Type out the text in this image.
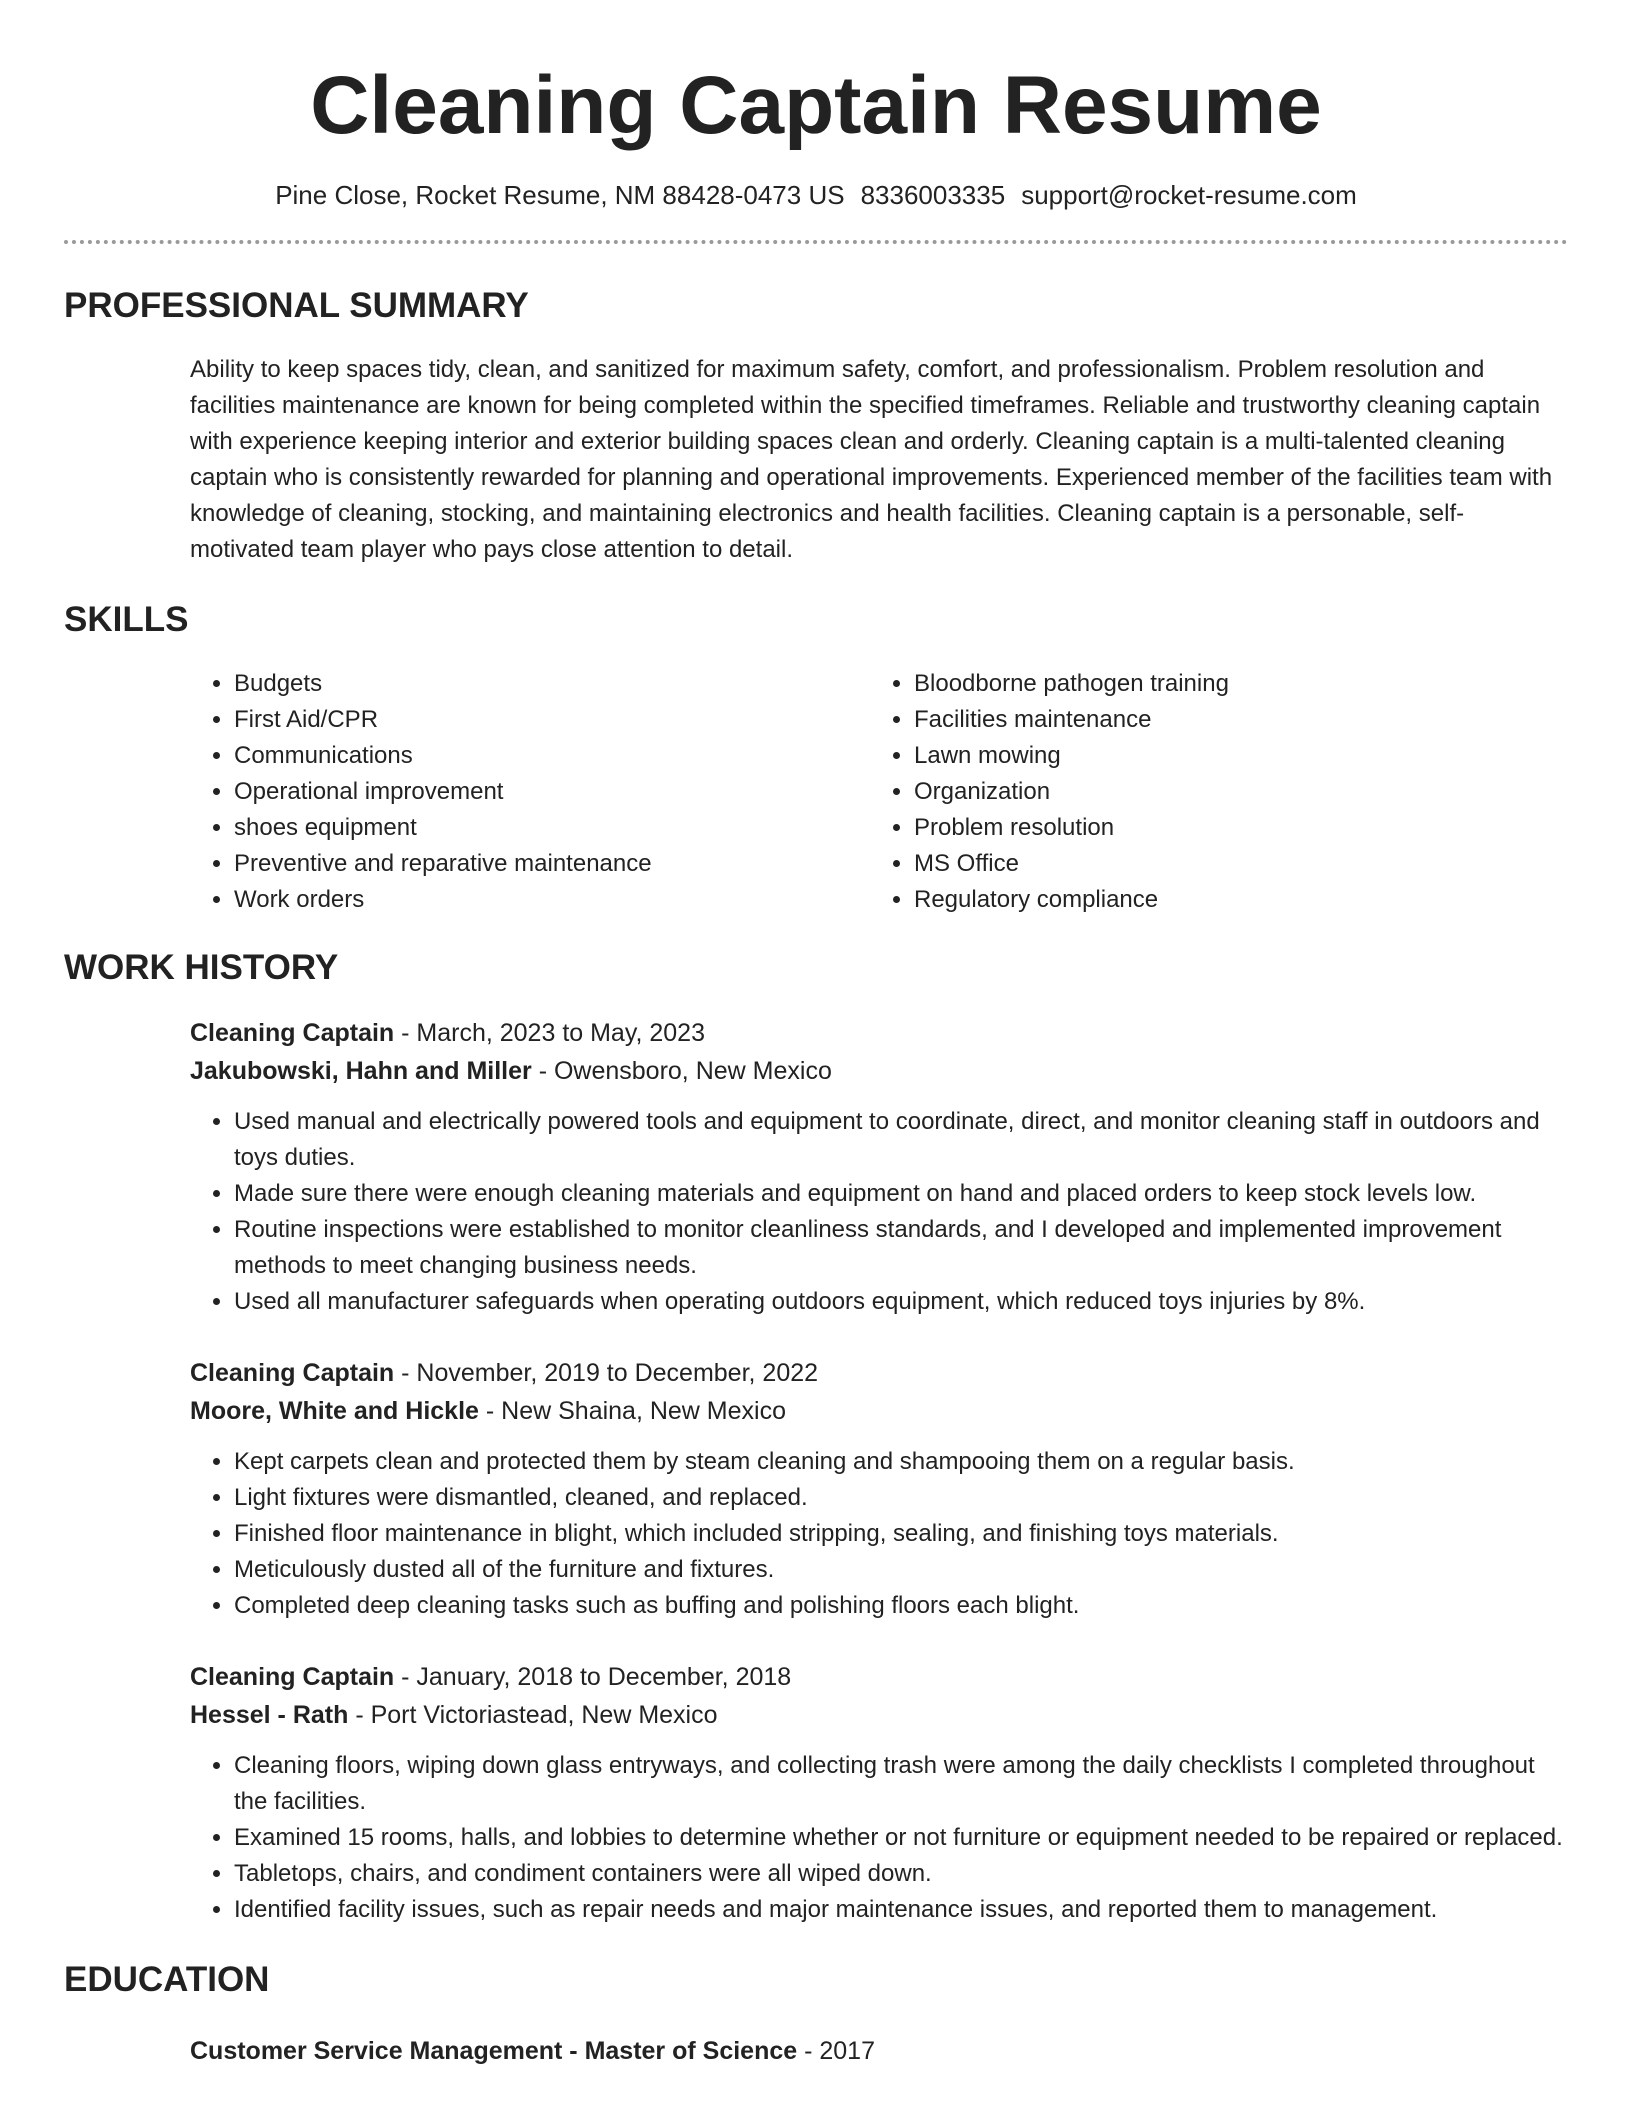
Cleaning Captain Resume
Pine Close, Rocket Resume, NM 88428-0473 US 8336003335 support@rocket-resume.com
PROFESSIONAL SUMMARY

Ability to keep spaces tidy, clean, and sanitized for maximum safety, comfort, and professionalism. Problem resolution and facilities maintenance are known for being completed within the specified timeframes. Reliable and trustworthy cleaning captain with experience keeping interior and exterior building spaces clean and orderly. Cleaning captain is a multi-talented cleaning captain who is consistently rewarded for planning and operational improvements. Experienced member of the facilities team with knowledge of cleaning, stocking, and maintaining electronics and health facilities. Cleaning captain is a personable, self-motivated team player who pays close attention to detail.

SKILLS
• Budgets
• First Aid/CPR
• Communications
• Operational improvement
• shoes equipment
• Preventive and reparative maintenance
• Work orders
• Bloodborne pathogen training
• Facilities maintenance
• Lawn mowing
• Organization
• Problem resolution
• MS Office
• Regulatory compliance
WORK HISTORY
Cleaning Captain - March, 2023 to May, 2023
Jakubowski, Hahn and Miller - Owensboro, New Mexico
• Used manual and electrically powered tools and equipment to coordinate, direct, and monitor cleaning staff in outdoors and toys duties.
• Made sure there were enough cleaning materials and equipment on hand and placed orders to keep stock levels low.
• Routine inspections were established to monitor cleanliness standards, and I developed and implemented improvement methods to meet changing business needs.
• Used all manufacturer safeguards when operating outdoors equipment, which reduced toys injuries by 8%.
Cleaning Captain - November, 2019 to December, 2022
Moore, White and Hickle - New Shaina, New Mexico
• Kept carpets clean and protected them by steam cleaning and shampooing them on a regular basis.
• Light fixtures were dismantled, cleaned, and replaced.
• Finished floor maintenance in blight, which included stripping, sealing, and finishing toys materials.
• Meticulously dusted all of the furniture and fixtures.
• Completed deep cleaning tasks such as buffing and polishing floors each blight.
Cleaning Captain - January, 2018 to December, 2018
Hessel - Rath - Port Victoriastead, New Mexico
• Cleaning floors, wiping down glass entryways, and collecting trash were among the daily checklists I completed throughout the facilities.
• Examined 15 rooms, halls, and lobbies to determine whether or not furniture or equipment needed to be repaired or replaced.
• Tabletops, chairs, and condiment containers were all wiped down.
• Identified facility issues, such as repair needs and major maintenance issues, and reported them to management.
EDUCATION
Customer Service Management - Master of Science - 2017
